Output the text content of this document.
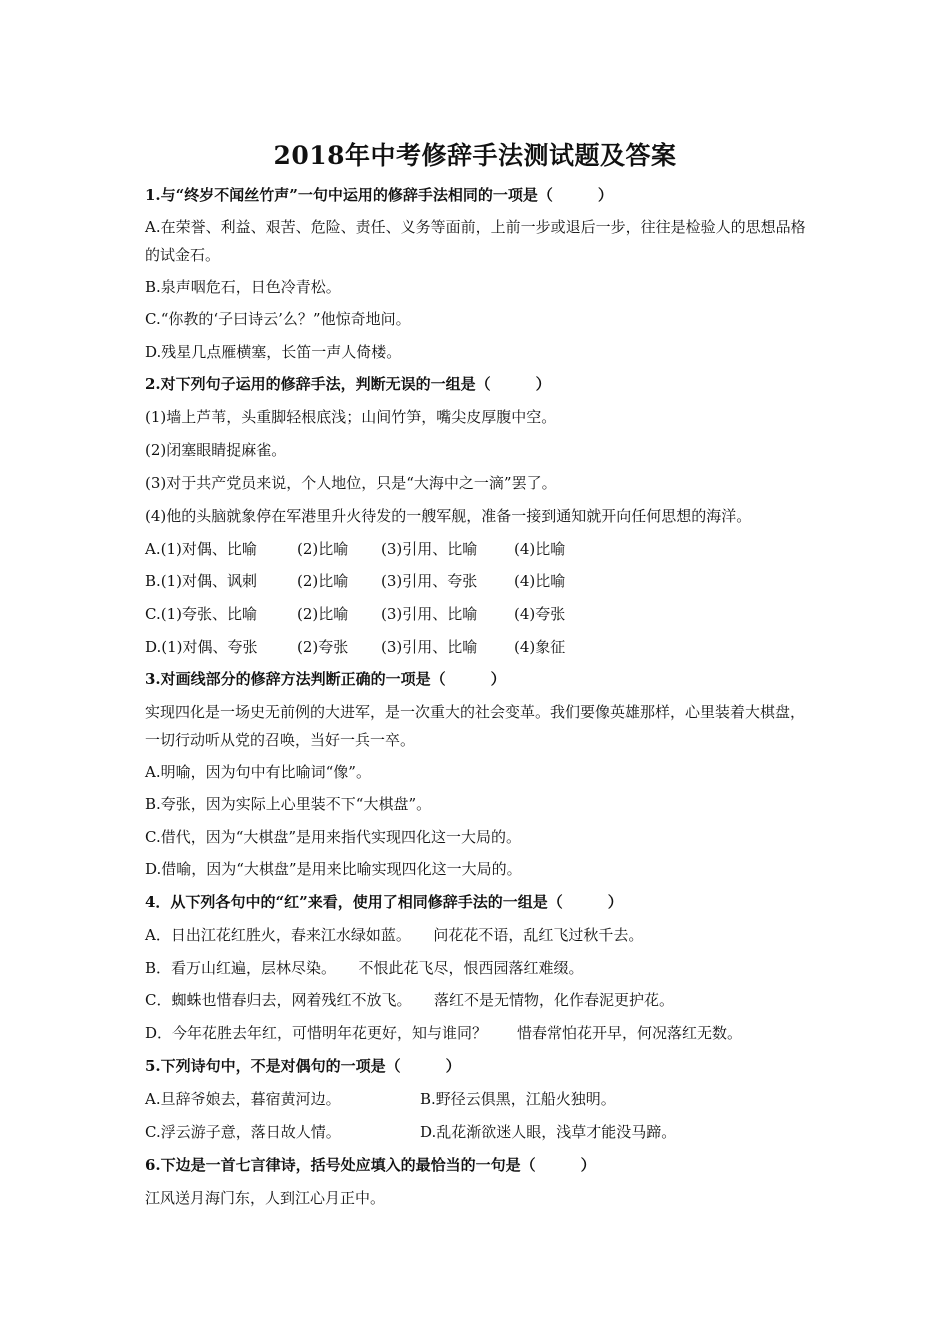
2018年中考修辞手法测试题及答案
1.与“终岁不闻丝竹声”一句中运用的修辞手法相同的一项是（　　　）
A.在荣誉、利益、艰苦、危险、责任、义务等面前，上前一步或退后一步，往往是检验人的思想品格的试金石。
B.泉声咽危石，日色冷青松。
C.“你教的‘子曰诗云’么？”他惊奇地问。
D.残星几点雁横塞，长笛一声人倚楼。
2.对下列句子运用的修辞手法，判断无误的一组是（　　　）
(1)墙上芦苇，头重脚轻根底浅；山间竹笋，嘴尖皮厚腹中空。
(2)闭塞眼睛捉麻雀。
(3)对于共产党员来说，个人地位，只是“大海中之一滴”罢了。
(4)他的头脑就象停在军港里升火待发的一艘军舰，准备一接到通知就开向任何思想的海洋。
A.(1)对偶、比喻	(2)比喻 (3)引用、比喻 (4)比喻
B.(1)对偶、讽刺	(2)比喻 (3)引用、夸张 (4)比喻
C.(1)夸张、比喻	(2)比喻 (3)引用、比喻 (4)夸张
D.(1)对偶、夸张	(2)夸张 (3)引用、比喻 (4)象征
3.对画线部分的修辞方法判断正确的一项是（　　　）
实现四化是一场史无前例的大进军，是一次重大的社会变革。我们要像英雄那样，心里装着大棋盘，一切行动听从党的召唤，当好一兵一卒。
A.明喻，因为句中有比喻词“像”。
B.夸张，因为实际上心里装不下“大棋盘”。
C.借代，因为“大棋盘”是用来指代实现四化这一大局的。
D.借喻，因为“大棋盘”是用来比喻实现四化这一大局的。
4．从下列各句中的“红”来看，使用了相同修辞手法的一组是（　　　）
A．日出江花红胜火，春来江水绿如蓝。　　问花花不语，乱红飞过秋千去。
B．看万山红遍，层林尽染。　　不恨此花飞尽，恨西园落红难缀。
C．蜘蛛也惜春归去，网着残红不放飞。　　落红不是无情物，化作春泥更护花。
D．今年花胜去年红，可惜明年花更好，知与谁同？　　惜春常怕花开早，何况落红无数。
5.下列诗句中，不是对偶句的一项是（　　　）
A.旦辞爷娘去，暮宿黄河边。	B.野径云俱黑，江船火独明。
C.浮云游子意，落日故人情。	D.乱花渐欲迷人眼，浅草才能没马蹄。
6.下边是一首七言律诗，括号处应填入的最恰当的一句是（　　　）
江风送月海门东，人到江心月正中。
